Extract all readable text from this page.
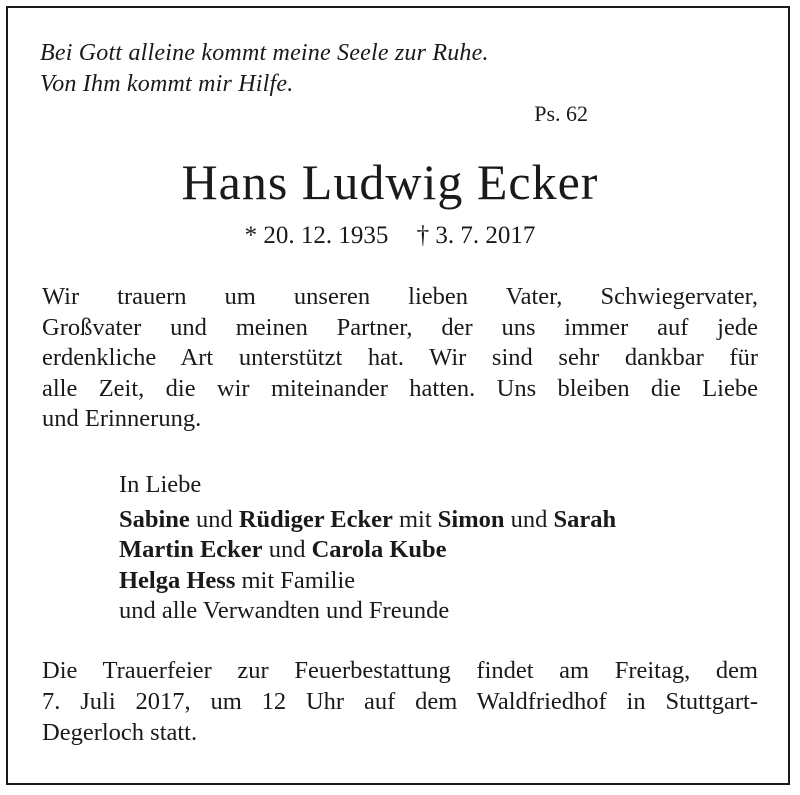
Bei Gott alleine kommt meine Seele zur Ruhe.
Von Ihm kommt mir Hilfe.
Ps. 62
Hans Ludwig Ecker
* 20. 12. 1935 † 3. 7. 2017
Wir trauern um unseren lieben Vater, Schwiegervater,
Großvater und meinen Partner, der uns immer auf jede
erdenkliche Art unterstützt hat. Wir sind sehr dankbar für
alle Zeit, die wir miteinander hatten. Uns bleiben die Liebe
und Erinnerung.
In Liebe
Sabine und Rüdiger Ecker mit Simon und Sarah
Martin Ecker und Carola Kube
Helga Hess mit Familie
und alle Verwandten und Freunde
Die Trauerfeier zur Feuerbestattung findet am Freitag, dem
7. Juli 2017, um 12 Uhr auf dem Waldfriedhof in Stuttgart-
Degerloch statt.
